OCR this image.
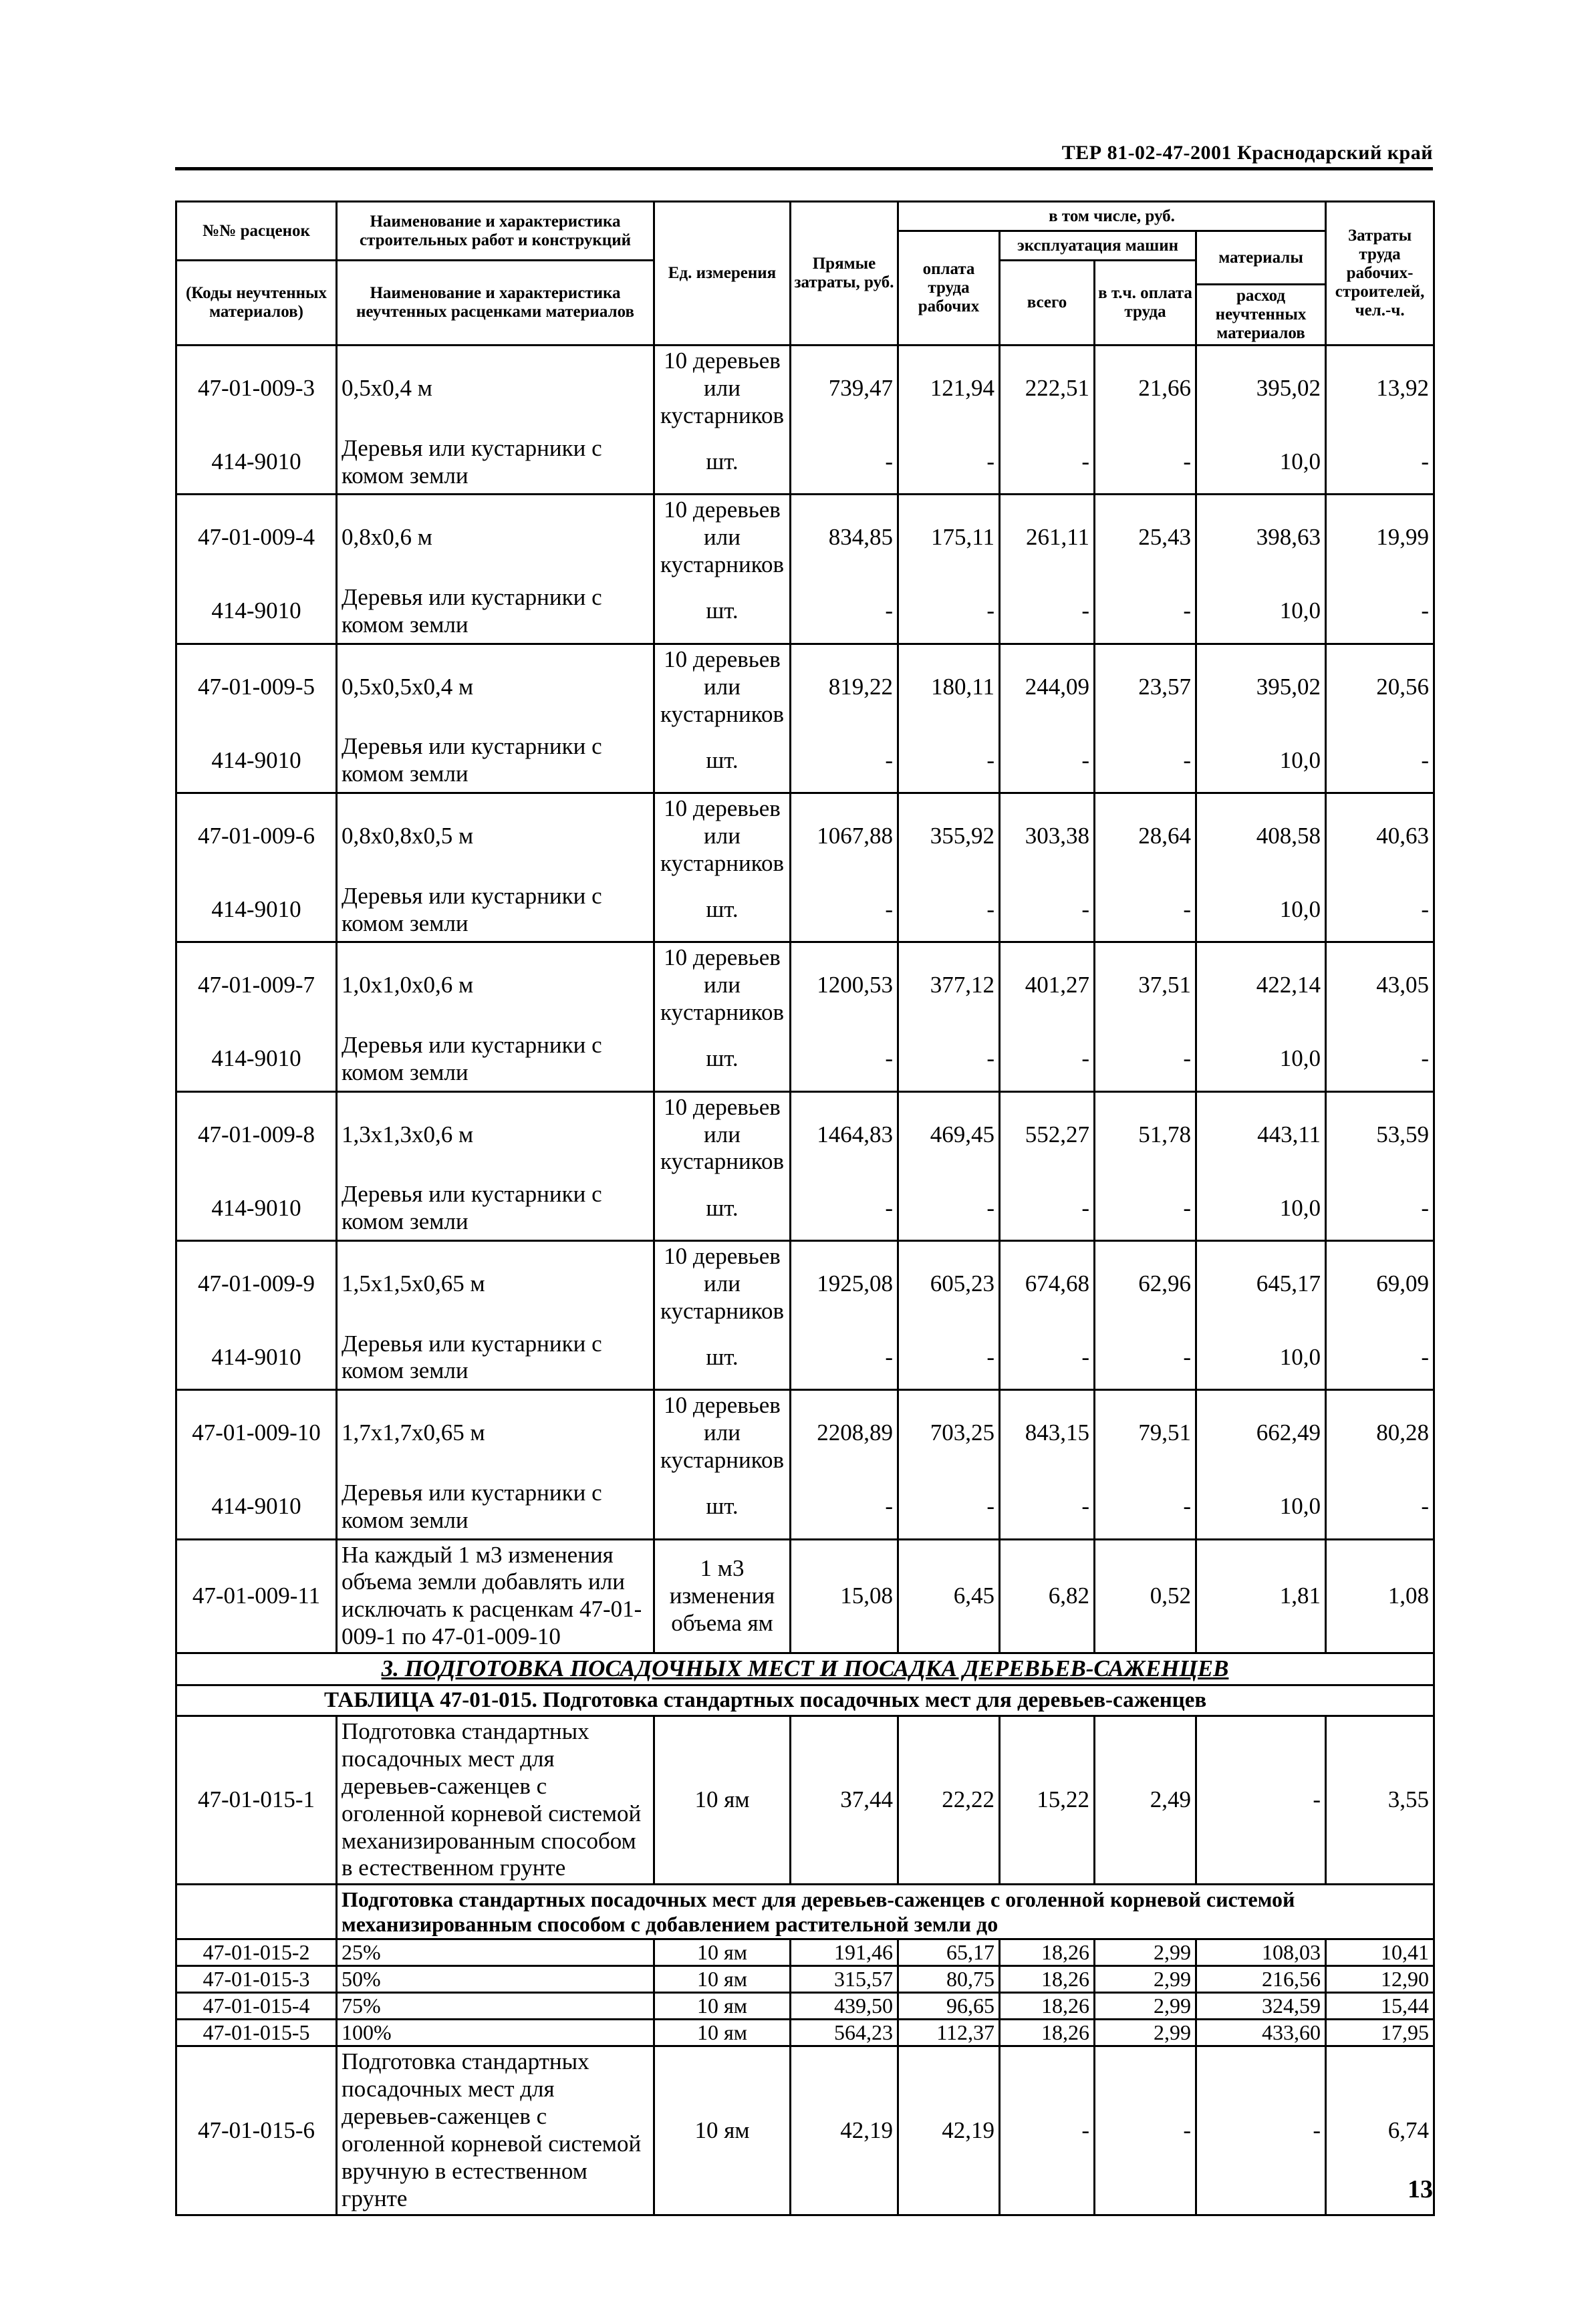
ТЕР 81-02-47-2001 Краснодарский край
№№ расценок	Наименование и характеристика строительных работ и конструкций	Ед. измерения	Прямые затраты, руб.	в том числе, руб.				Затраты труда рабочих-строителей, чел.-ч.
				оплата труда рабочих	эксплуатация машин		материалы	
(Коды неучтенных материалов)	Наименование и характеристика неучтенных расценками материалов				всего	в т.ч. оплата труда		
							расход неучтенных материалов	
47-01-009-3	0,5х0,4 м	10 деревьев или кустарников	739,47	121,94	222,51	21,66	395,02	13,92
414-9010	Деревья или кустарники с комом земли	шт.	-	-	-	-	10,0	-
47-01-009-4	0,8х0,6 м	10 деревьев или кустарников	834,85	175,11	261,11	25,43	398,63	19,99
414-9010	Деревья или кустарники с комом земли	шт.	-	-	-	-	10,0	-
47-01-009-5	0,5х0,5х0,4 м	10 деревьев или кустарников	819,22	180,11	244,09	23,57	395,02	20,56
414-9010	Деревья или кустарники с комом земли	шт.	-	-	-	-	10,0	-
47-01-009-6	0,8х0,8х0,5 м	10 деревьев или кустарников	1067,88	355,92	303,38	28,64	408,58	40,63
414-9010	Деревья или кустарники с комом земли	шт.	-	-	-	-	10,0	-
47-01-009-7	1,0х1,0х0,6 м	10 деревьев или кустарников	1200,53	377,12	401,27	37,51	422,14	43,05
414-9010	Деревья или кустарники с комом земли	шт.	-	-	-	-	10,0	-
47-01-009-8	1,3х1,3х0,6 м	10 деревьев или кустарников	1464,83	469,45	552,27	51,78	443,11	53,59
414-9010	Деревья или кустарники с комом земли	шт.	-	-	-	-	10,0	-
47-01-009-9	1,5х1,5х0,65 м	10 деревьев или кустарников	1925,08	605,23	674,68	62,96	645,17	69,09
414-9010	Деревья или кустарники с комом земли	шт.	-	-	-	-	10,0	-
47-01-009-10	1,7х1,7х0,65 м	10 деревьев или кустарников	2208,89	703,25	843,15	79,51	662,49	80,28
414-9010	Деревья или кустарники с комом земли	шт.	-	-	-	-	10,0	-
47-01-009-11	На каждый 1 м3 изменения объема земли добавлять или исключать к расценкам 47-01-009-1 по 47-01-009-10	1 м3 изменения объема ям	15,08	6,45	6,82	0,52	1,81	1,08
3. ПОДГОТОВКА ПОСАДОЧНЫХ МЕСТ И ПОСАДКА ДЕРЕВЬЕВ-САЖЕНЦЕВ								
ТАБЛИЦА 47-01-015. Подготовка стандартных посадочных мест для деревьев-саженцев								
47-01-015-1	Подготовка стандартных посадочных мест для деревьев-саженцев с оголенной корневой системой механизированным способом в естественном грунте	10 ям	37,44	22,22	15,22	2,49	-	3,55
	Подготовка стандартных посадочных мест для деревьев-саженцев с оголенной корневой системой механизированным способом с добавлением растительной земли до							
47-01-015-2	25%	10 ям	191,46	65,17	18,26	2,99	108,03	10,41
47-01-015-3	50%	10 ям	315,57	80,75	18,26	2,99	216,56	12,90
47-01-015-4	75%	10 ям	439,50	96,65	18,26	2,99	324,59	15,44
47-01-015-5	100%	10 ям	564,23	112,37	18,26	2,99	433,60	17,95
47-01-015-6	Подготовка стандартных посадочных мест для деревьев-саженцев с оголенной корневой системой вручную в естественном грунте	10 ям	42,19	42,19	-	-	-	6,74
13
